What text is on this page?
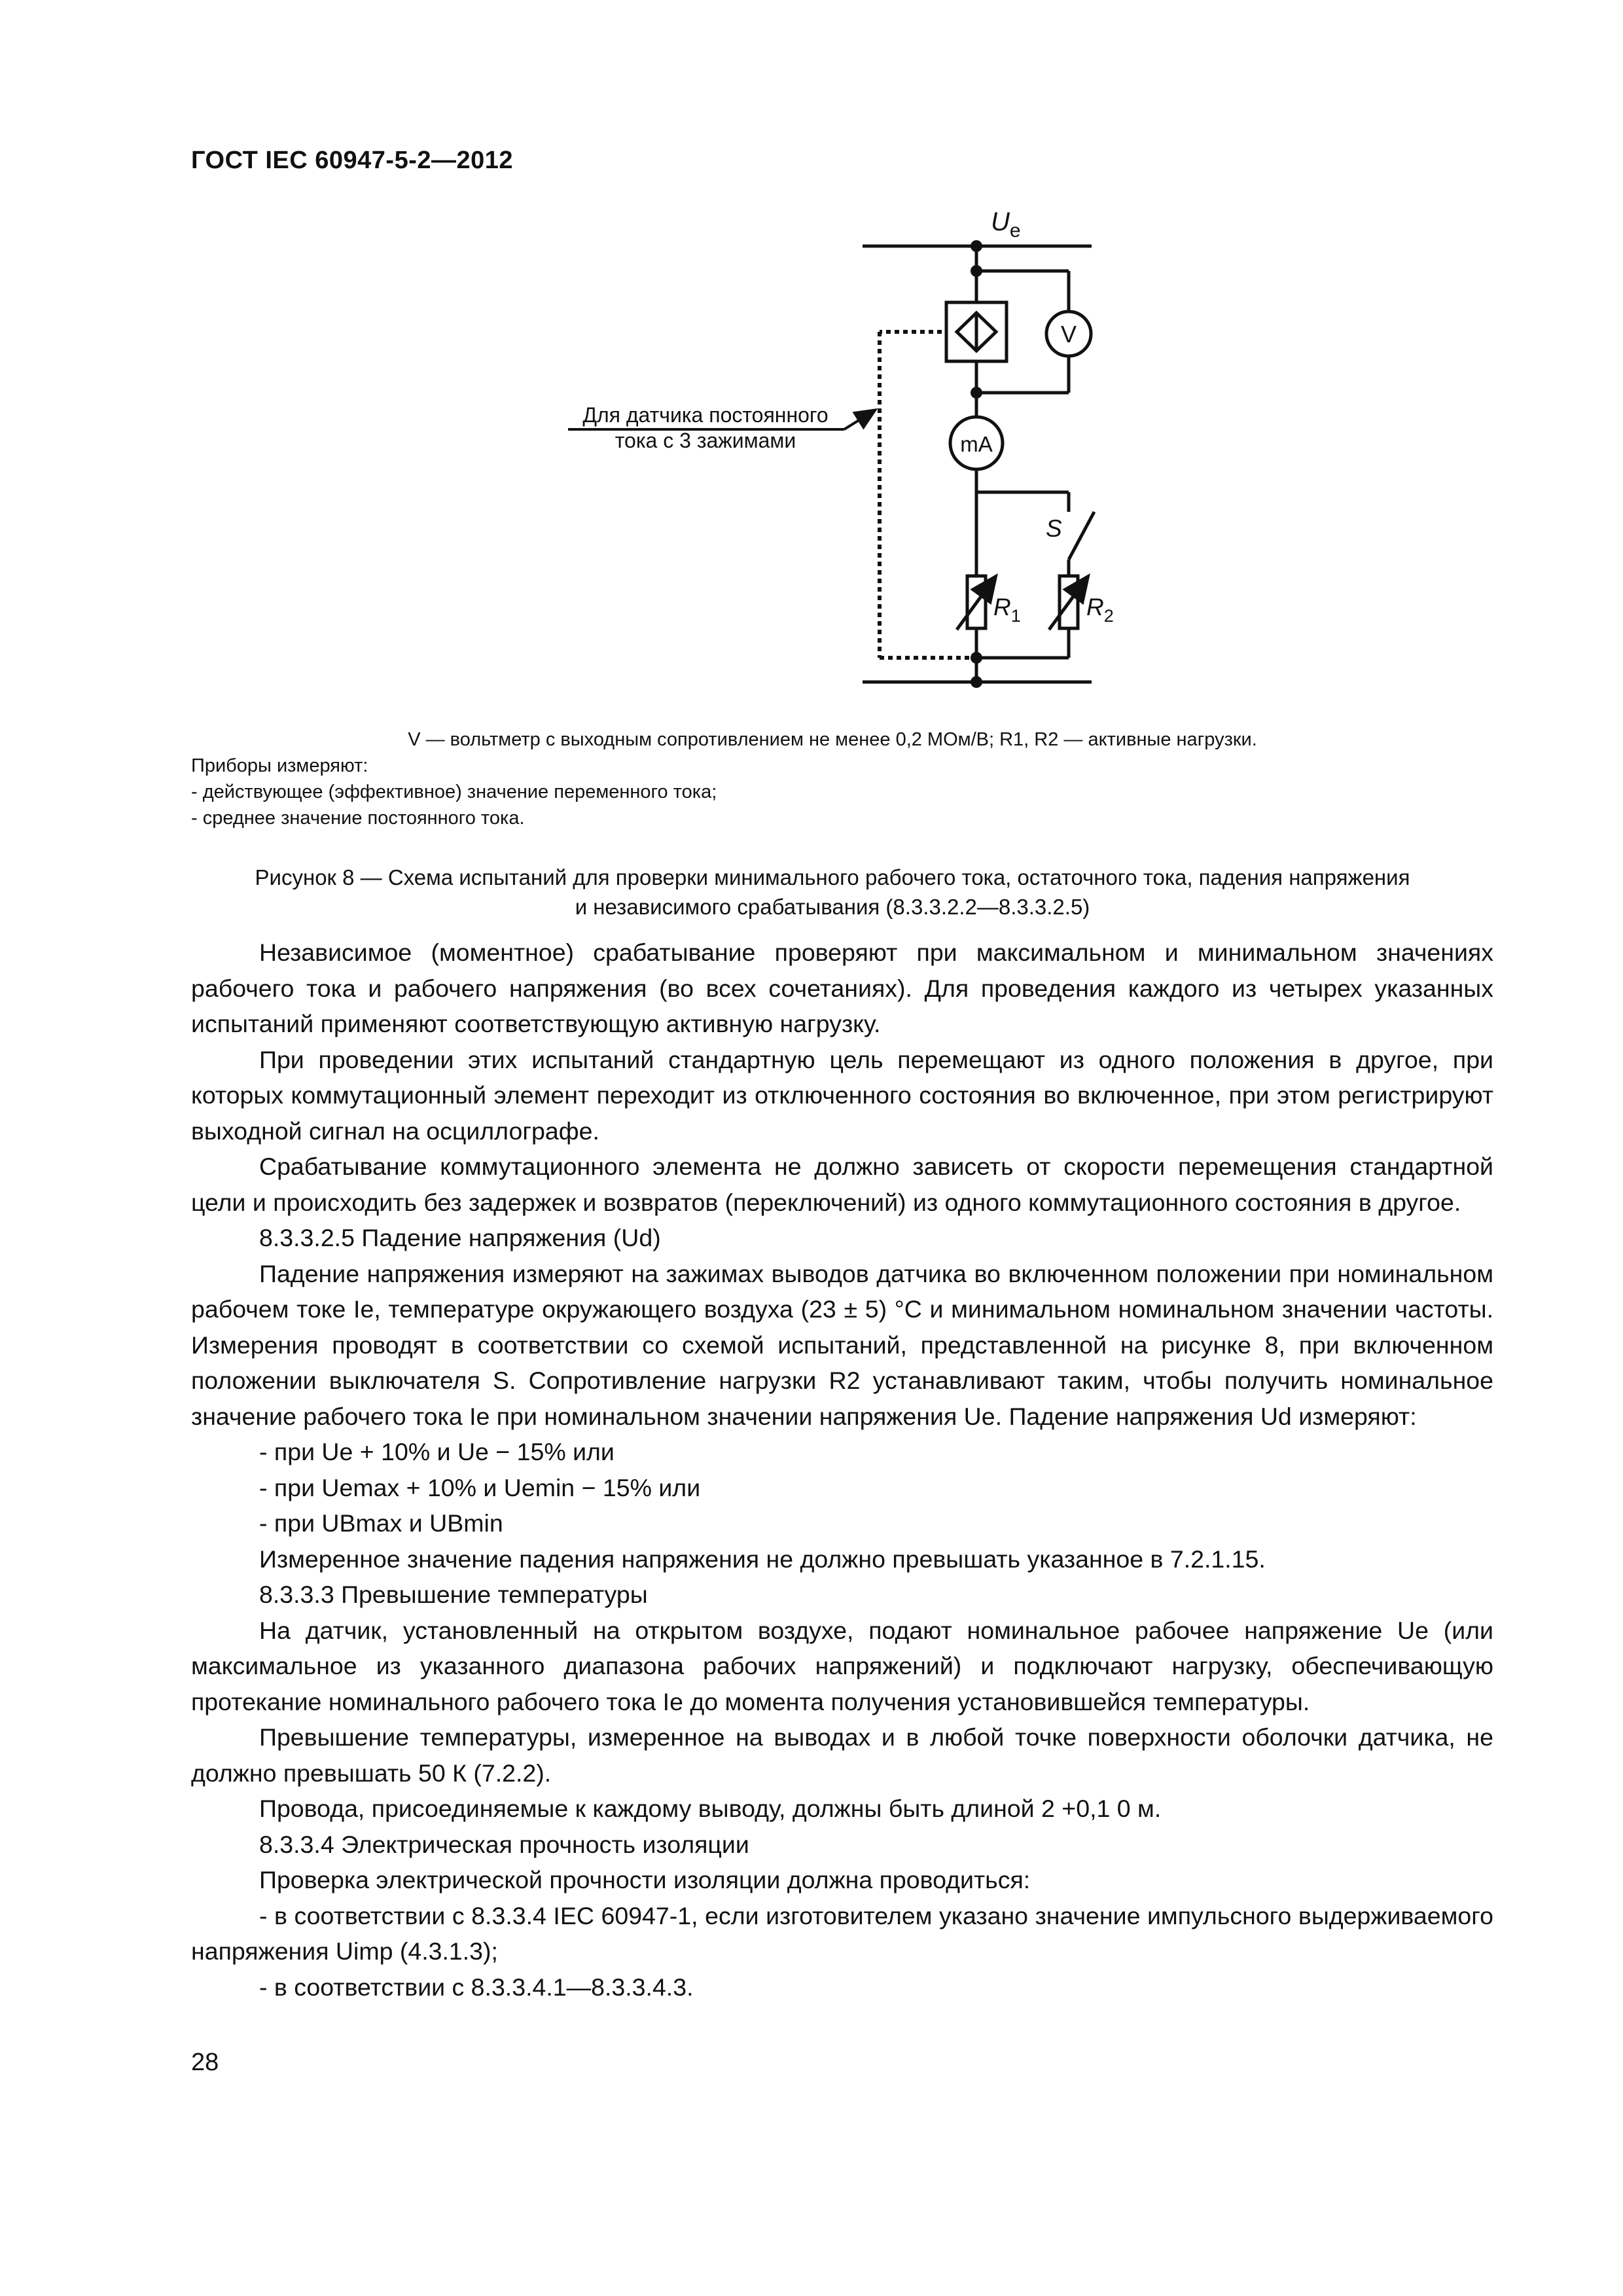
ГОСТ IEC 60947-5-2—2012
V
mA
S
$R_1$	$R_2$
$U_e$
Для датчика постоянного
тока с 3 зажимами
V — вольтметр с выходным сопротивлением не менее 0,2 МОм/В; R1, R2 — активные нагрузки.
Приборы измеряют:
- действующее (эффективное) значение переменного тока;
- среднее значение постоянного тока.
Рисунок 8 — Схема испытаний для проверки минимального рабочего тока, остаточного тока, падения напряжения
и независимого срабатывания (8.3.3.2.2—8.3.3.2.5)

Независимое (моментное) срабатывание проверяют при максимальном и минимальном значениях рабочего тока и рабочего напряжения (во всех сочетаниях). Для проведения каждого из четырех указанных испытаний применяют соответствующую активную нагрузку.

При проведении этих испытаний стандартную цель перемещают из одного положения в другое, при которых коммутационный элемент переходит из отключенного состояния во включенное, при этом регистрируют выходной сигнал на осциллографе.

Срабатывание коммутационного элемента не должно зависеть от скорости перемещения стандартной цели и происходить без задержек и возвратов (переключений) из одного коммутационного состояния в другое.

8.3.3.2.5 Падение напряжения (Ud)

Падение напряжения измеряют на зажимах выводов датчика во включенном положении при номинальном рабочем токе Ie, температуре окружающего воздуха (23 ± 5) °С и минимальном номинальном значении частоты. Измерения проводят в соответствии со схемой испытаний, представленной на рисунке 8, при включенном положении выключателя S. Сопротивление нагрузки R2 устанавливают таким, чтобы получить номинальное значение рабочего тока Ie при номинальном значении напряжения Ue. Падение напряжения Ud измеряют:

- при Ue + 10% и Ue − 15% или

- при Uemax + 10% и Uemin − 15% или

- при UBmax и UBmin

Измеренное значение падения напряжения не должно превышать указанное в 7.2.1.15.

8.3.3.3 Превышение температуры

На датчик, установленный на открытом воздухе, подают номинальное рабочее напряжение Ue (или максимальное из указанного диапазона рабочих напряжений) и подключают нагрузку, обеспечивающую протекание номинального рабочего тока Ie до момента получения установившейся температуры.

Превышение температуры, измеренное на выводах и в любой точке поверхности оболочки датчика, не должно превышать 50 К (7.2.2).

Провода, присоединяемые к каждому выводу, должны быть длиной 2 +0,1 0 м.

8.3.3.4 Электрическая прочность изоляции

Проверка электрической прочности изоляции должна проводиться:

- в соответствии с 8.3.3.4 IEC 60947-1, если изготовителем указано значение импульсного выдерживаемого напряжения Uimp (4.3.1.3);

- в соответствии с 8.3.3.4.1—8.3.3.4.3.

28
